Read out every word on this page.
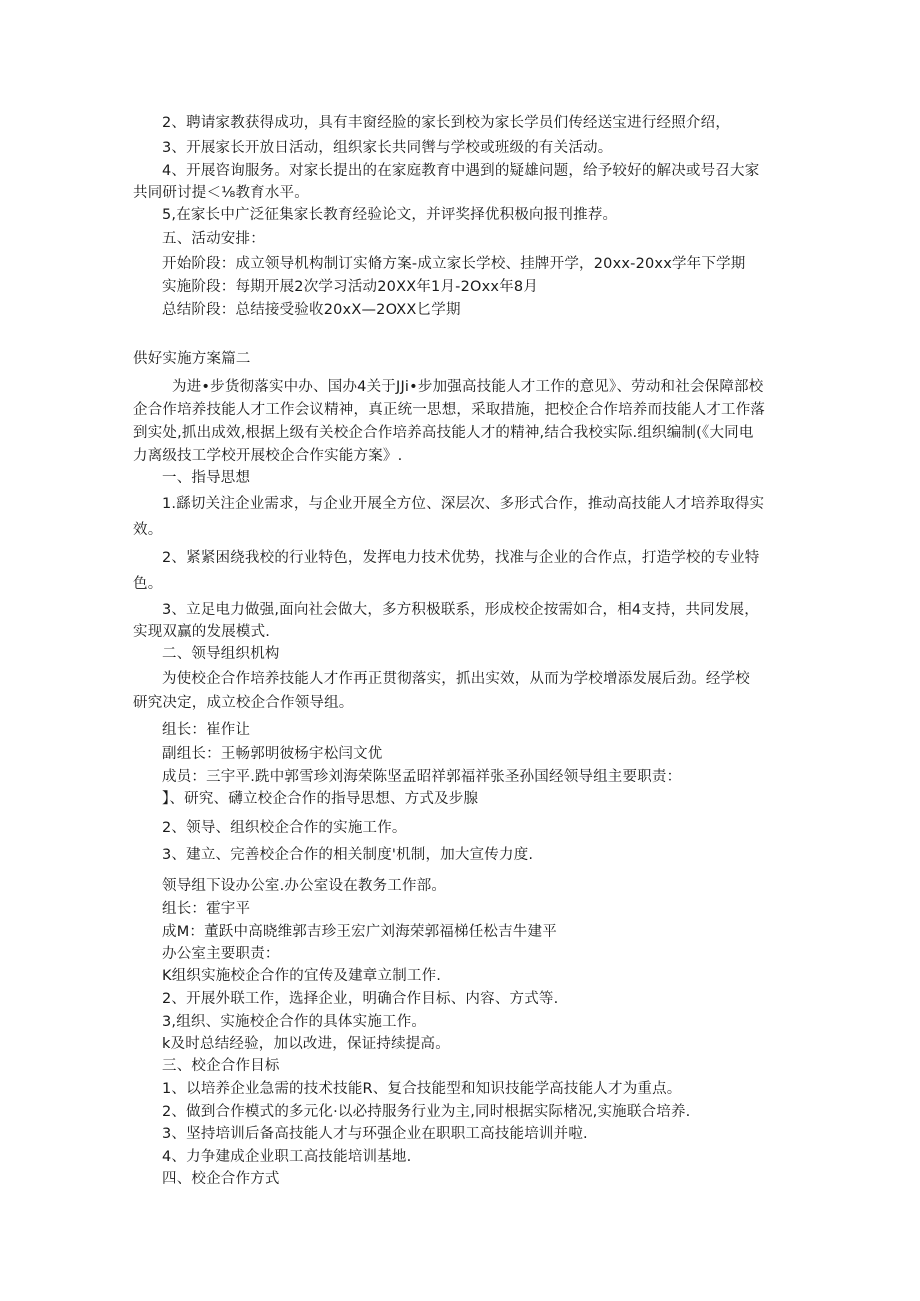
2、聘请家教获得成功，具有丰窗经脸的家长到校为家长学员们传经送宝进行经照介绍，
3、开展家长开放日活动，组织家长共同辔与学校或班级的有关活动。
4、开展咨询服务。对家长提出的在家庭教育中遇到的疑雄问题，给予较好的解决或号召大家
共同研讨提＜⅛教育水平。
5,在家长中广泛征集家长教育经验论文，并评奖择优积极向报刊推荐。
五、活动安排：
开始阶段：成立领导机构制订实脩方案-成立家长学校、挂牌开学，20xx-20xx学年下学期
实施阶段：每期开展2次学习活动20XX年1月-2Oxx年8月
总结阶段：总结接受验收20xX—2OXX匕学期
供好实施方案篇二
为进•步货彻落实中办、国办4关于JJi•步加强高技能人才工作的意见》、劳动和社会保障部校
企合作培养技能人才工作会议精神，真正统一思想，采取措施，把校企合作培养而技能人才工作落
到实处,抓出成效,根据上级有关校企合作培养高技能人才的精神,结合我校实际.组织编制(《大同电
力离级技工学校开展校企合作实能方案》.
一、指导思想
1.繇切关注企业需求，与企业开展全方位、深层次、多形式合作，推动高技能人才培养取得实
效。
2、紧紧困绕我校的行业特色，发挥电力技术优势，找准与企业的合作点，打造学校的专业特
色。
3、立足电力做强,面向社会做大，多方积极联系，形成校企按需如合，相4支持，共同发展，
实现双赢的发展模式.
二、领导组织机构
为使校企合作培养技能人才作再正贯彻落实，抓出实效，从而为学校增添发展后劲。经学校
研究决定，成立校企合作领导组。
组长：崔作让
副组长：王畅郭明彼杨宇松闫文优
成员：三宇平.跣中郭雪珍刘海荣陈坚孟昭祥郭福祥张圣孙国经领导组主要职责：
】、研究、礴立校企合作的指导思想、方式及步腺
2、领导、组织校企合作的实施工作。
3、建立、完善校企合作的相关制度'机制，加大宣传力度.
领导组下设办公室.办公室设在教务工作部。
组长：霍宇平
成M：董跃中高晓维郭吉珍王宏广刘海荣郭福梯任松吉牛建平
办公室主要职责：
K组织实施校企合作的宜传及建章立制工作.
2、开展外联工作，选择企业，明确合作目标、内容、方式等.
3,组织、实施校企合作的具体实施工作。
k及时总结经验，加以改进，保证持续提高。
三、校企合作目标
1、以培养企业急需的技术技能R、复合技能型和知识技能学高技能人才为重点。
2、做到合作模式的多元化·以必持服务行业为主,同时根据实际楮况,实施联合培养.
3、坚持培训后备高技能人才与环强企业在职职工高技能培训并啦.
4、力争建成企业职工高技能培训基地.
四、校企合作方式
